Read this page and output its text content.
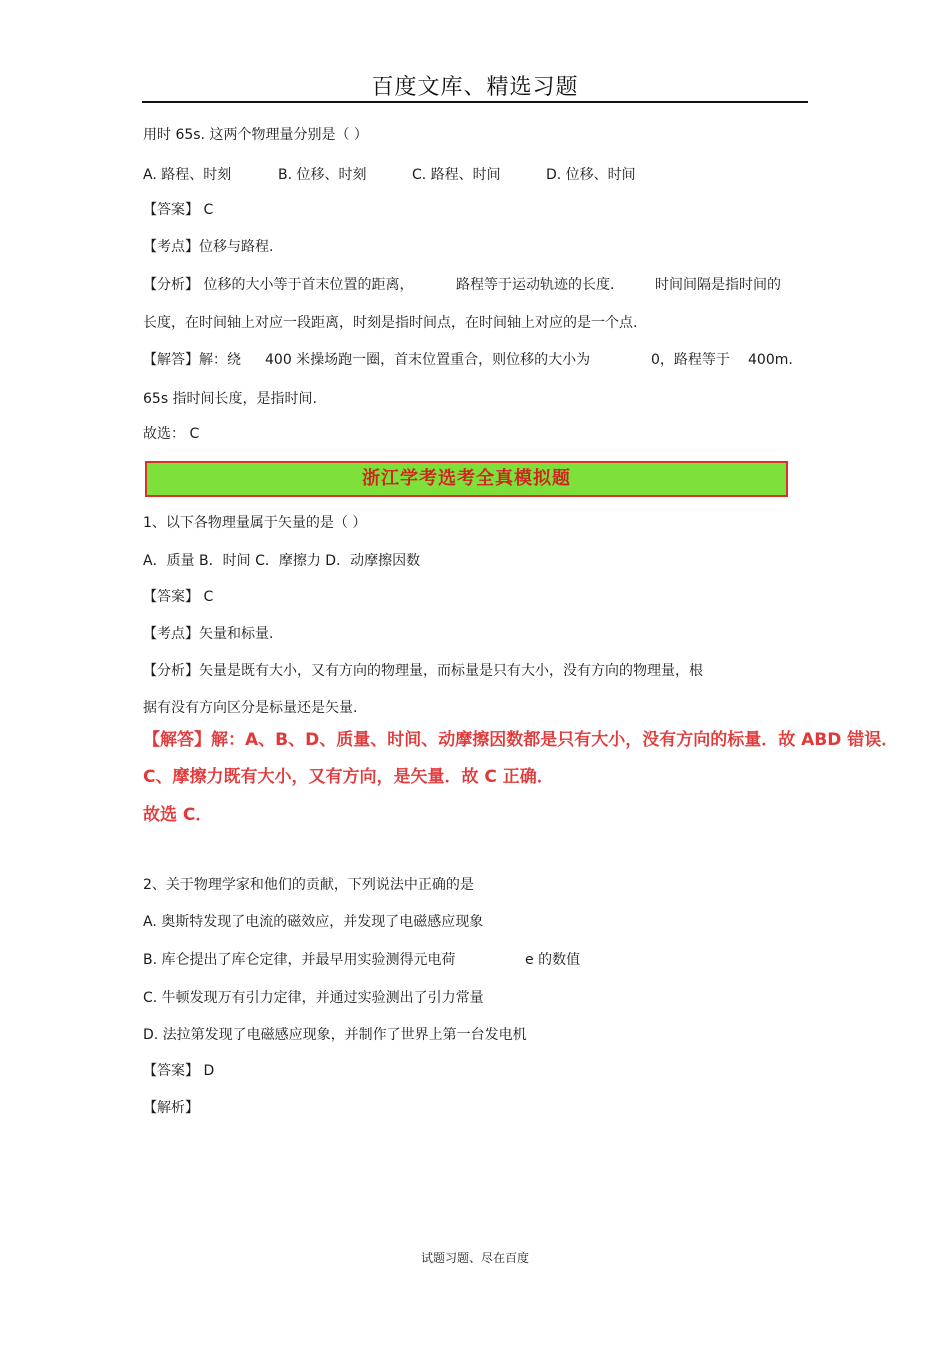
百度文库、精选习题
用时 65s. 这两个物理量分别是（ ）
A. 路程、时刻	B. 位移、时刻	C. 路程、时间	D. 位移、时间
【答案】 C
【考点】位移与路程.
【分析】 位移的大小等于首末位置的距离，	路程等于运动轨迹的长度.	时间间隔是指时间的
长度，在时间轴上对应一段距离，时刻是指时间点，在时间轴上对应的是一个点.
【解答】解：绕 400 米操场跑一圈，首末位置重合，则位移的大小为	0，路程等于 400m.
65s 指时间长度，是指时间.
故选： C
浙江学考选考全真模拟题
1、以下各物理量属于矢量的是（ ）
A．质量 B．时间 C．摩擦力 D．动摩擦因数
【答案】 C
【考点】矢量和标量.
【分析】矢量是既有大小，又有方向的物理量，而标量是只有大小，没有方向的物理量，根
据有没有方向区分是标量还是矢量.
【解答】解：A、B、D、质量、时间、动摩擦因数都是只有大小，没有方向的标量．故 ABD 错误．
C、摩擦力既有大小，又有方向，是矢量．故 C 正确．
故选 C．
2、关于物理学家和他们的贡献，下列说法中正确的是
A. 奥斯特发现了电流的磁效应，并发现了电磁感应现象
B. 库仑提出了库仑定律，并最早用实验测得元电荷	e 的数值
C. 牛顿发现万有引力定律，并通过实验测出了引力常量
D. 法拉第发现了电磁感应现象，并制作了世界上第一台发电机
【答案】 D
【解析】
试题习题、尽在百度
